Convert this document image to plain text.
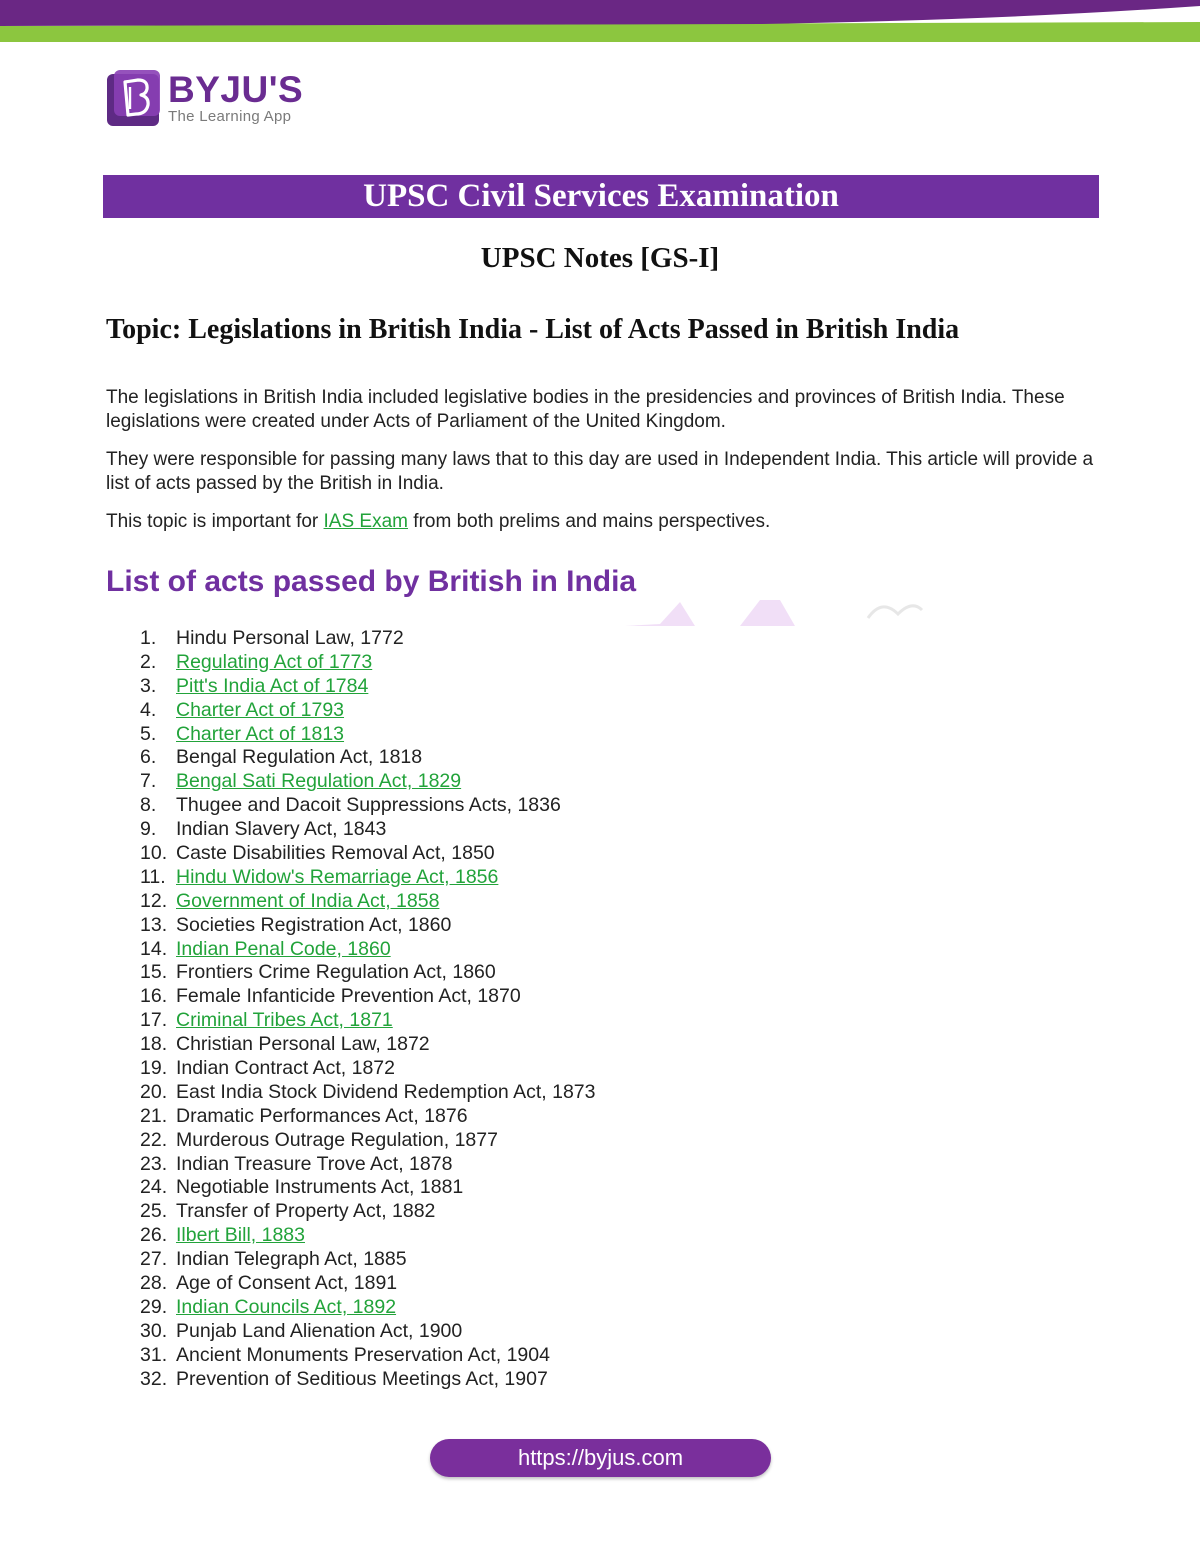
BYJU'S
The Learning App
UPSC Civil Services Examination
UPSC Notes [GS-I]
Topic: Legislations in British India - List of Acts Passed in British India

The legislations in British India included legislative bodies in the presidencies and provinces of British India. These legislations were created under Acts of Parliament of the United Kingdom.

They were responsible for passing many laws that to this day are used in Independent India. This article will provide a list of acts passed by the British in India.

This topic is important for IAS Exam from both prelims and mains perspectives.

List of acts passed by British in India
1. Hindu Personal Law, 1772
2. Regulating Act of 1773
3. Pitt's India Act of 1784
4. Charter Act of 1793
5. Charter Act of 1813
6. Bengal Regulation Act, 1818
7. Bengal Sati Regulation Act, 1829
8. Thugee and Dacoit Suppressions Acts, 1836
9. Indian Slavery Act, 1843
10. Caste Disabilities Removal Act, 1850
11. Hindu Widow's Remarriage Act, 1856
12. Government of India Act, 1858
13. Societies Registration Act, 1860
14. Indian Penal Code, 1860
15. Frontiers Crime Regulation Act, 1860
16. Female Infanticide Prevention Act, 1870
17. Criminal Tribes Act, 1871
18. Christian Personal Law, 1872
19. Indian Contract Act, 1872
20. East India Stock Dividend Redemption Act, 1873
21. Dramatic Performances Act, 1876
22. Murderous Outrage Regulation, 1877
23. Indian Treasure Trove Act, 1878
24. Negotiable Instruments Act, 1881
25. Transfer of Property Act, 1882
26. Ilbert Bill, 1883
27. Indian Telegraph Act, 1885
28. Age of Consent Act, 1891
29. Indian Councils Act, 1892
30. Punjab Land Alienation Act, 1900
31. Ancient Monuments Preservation Act, 1904
32. Prevention of Seditious Meetings Act, 1907
https://byjus.com
